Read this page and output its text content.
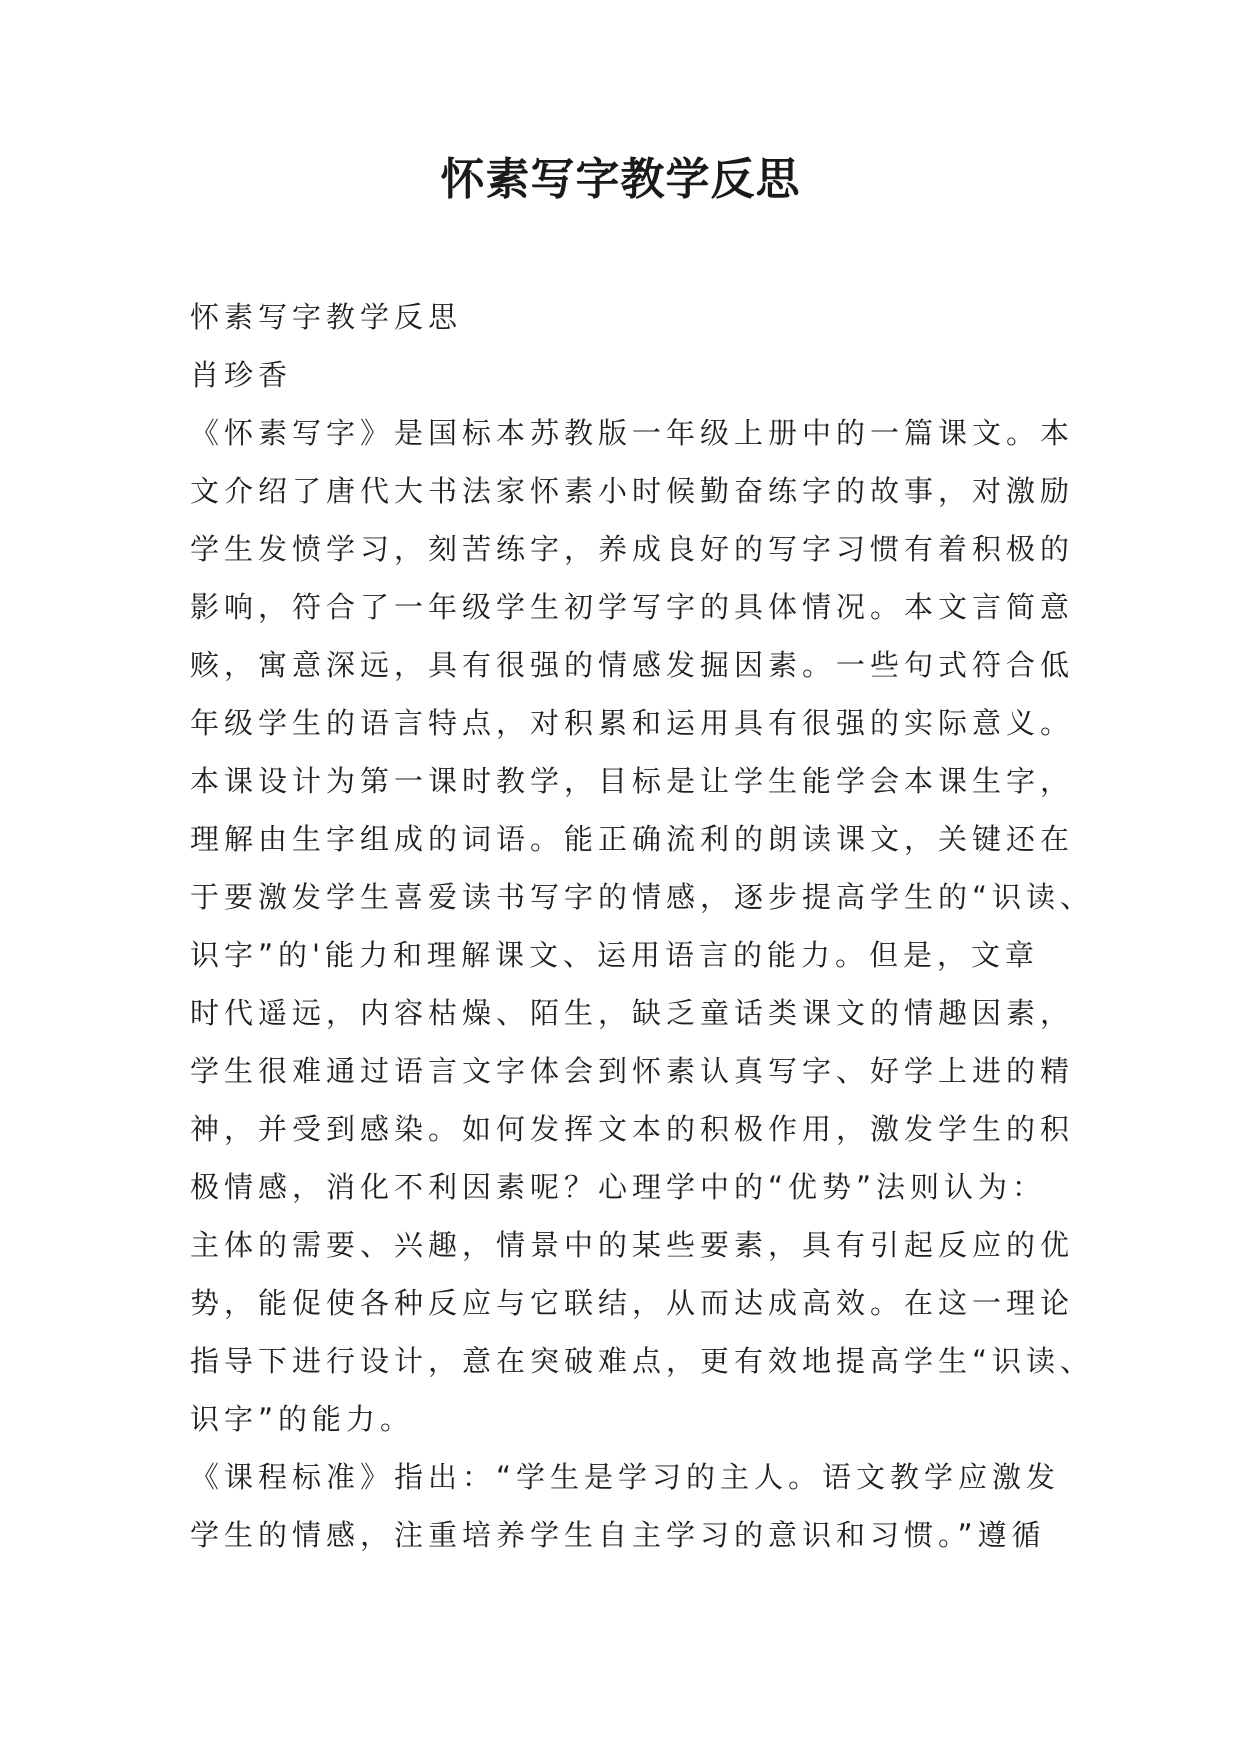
怀素写字教学反思
怀素写字教学反思
肖珍香
《怀素写字》是国标本苏教版一年级上册中的一篇课文。本
文介绍了唐代大书法家怀素小时候勤奋练字的故事，对激励
学生发愤学习，刻苦练字，养成良好的写字习惯有着积极的
影响，符合了一年级学生初学写字的具体情况。本文言简意
赅，寓意深远，具有很强的情感发掘因素。一些句式符合低
年级学生的语言特点，对积累和运用具有很强的实际意义。
本课设计为第一课时教学，目标是让学生能学会本课生字，
理解由生字组成的词语。能正确流利的朗读课文，关键还在
于要激发学生喜爱读书写字的情感，逐步提高学生的“识读、
识字”的'能力和理解课文、运用语言的能力。但是，文章
时代遥远，内容枯燥、陌生，缺乏童话类课文的情趣因素，
学生很难通过语言文字体会到怀素认真写字、好学上进的精
神，并受到感染。如何发挥文本的积极作用，激发学生的积
极情感，消化不利因素呢？心理学中的“优势”法则认为：
主体的需要、兴趣，情景中的某些要素，具有引起反应的优
势，能促使各种反应与它联结，从而达成高效。在这一理论
指导下进行设计，意在突破难点，更有效地提高学生“识读、
识字”的能力。
《课程标准》指出：“学生是学习的主人。语文教学应激发
学生的情感，注重培养学生自主学习的意识和习惯。”遵循
